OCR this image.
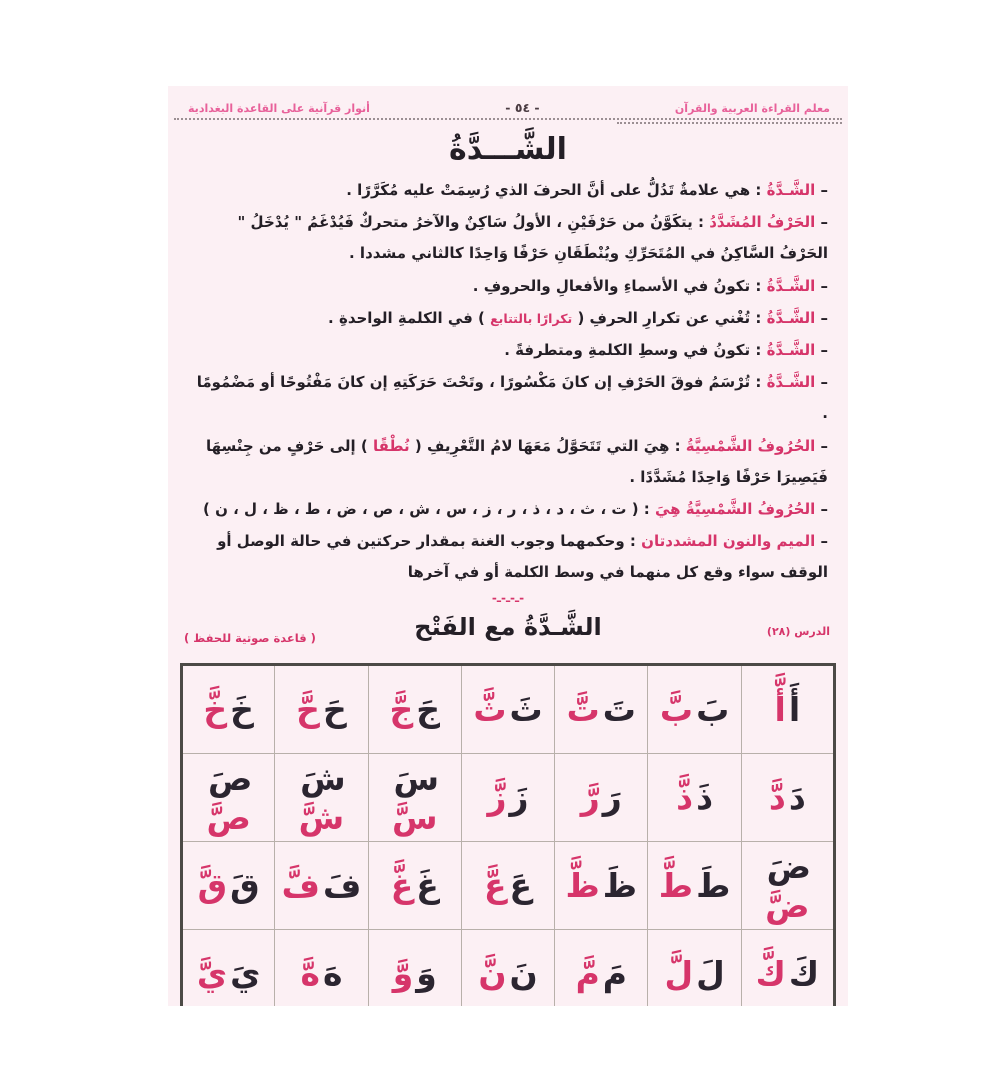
معلم القراءة العربية والقرآن
- ٥٤ -
أنوار قرآنية على القاعدة البغدادية
الشَّـــدَّةُ
– الشَّـدَّةُ : هي علامةٌ تَدُلُّ على أنَّ الحرفَ الذي رُسِمَتْ عليه مُكَرَّرًا .
– الحَرْفُ المُشَدَّدُ : يتكَوَّنُ من حَرْفَيْنِ ، الأولُ سَاكِنٌ والآخرُ متحركٌ فَيُدْغَمُ " يُدْخَلُ " الحَرْفُ السَّاكِنُ في المُتَحَرِّكِ ويُنْطَقَانِ حَرْفًا وَاحِدًا كالثاني مشددا .
– الشَّـدَّةُ : تكونُ في الأسماءِ والأفعالِ والحروفِ .
– الشَّـدَّةُ : تُغْني عن تكرارِ الحرفِ ( تكرارًا بالتتابع ) في الكلمةِ الواحدةِ .
– الشَّـدَّةُ : تكونُ في وسطِ الكلمةِ ومتطرفةً .
– الشَّـدَّةُ : تُرْسَمُ فوقَ الحَرْفِ إن كانَ مَكْسُورًا ، وتَحْتَ حَرَكَتِهِ إن كانَ مَفْتُوحًا أو مَضْمُومًا .
– الحُرُوفُ الشَّمْسِيَّةُ : هِيَ التي تَتَحَوَّلُ مَعَهَا لامُ التَّعْرِيفِ ( نُطْقًا ) إلى حَرْفٍ من جِنْسِهَا فَيَصِيرَا حَرْفًا وَاحِدًا مُشَدَّدًا .
– الحُرُوفُ الشَّمْسِيَّةُ هِيَ : ( ت ، ث ، د ، ذ ، ر ، ز ، س ، ش ، ص ، ض ، ط ، ظ ، ل ، ن )
– الميم والنون المشددتان : وحكمهما وجوب الغنة بمقدار حركتين في حالة الوصل أو الوقف سواء وقع كل منهما في وسط الكلمة أو في آخرها
-ـ-ـ-ـ-
الدرس (٢٨)
الشَّـدَّةُ مع الفَتْح
( قاعدة صوتية للحفظ )
أَأَّ	بَبَّ	تَتَّ	ثَثَّ	جَجَّ	حَحَّ	خَخَّ
دَدَّ	ذَذَّ	رَرَّ	زَزَّ	سَسَّ	شَشَّ	صَصَّ
ضَضَّ	طَطَّ	ظَظَّ	عَعَّ	غَغَّ	فَفَّ	قَقَّ
كَكَّ	لَلَّ	مَمَّ	نَنَّ	وَوَّ	هَهَّ	يَيَّ
